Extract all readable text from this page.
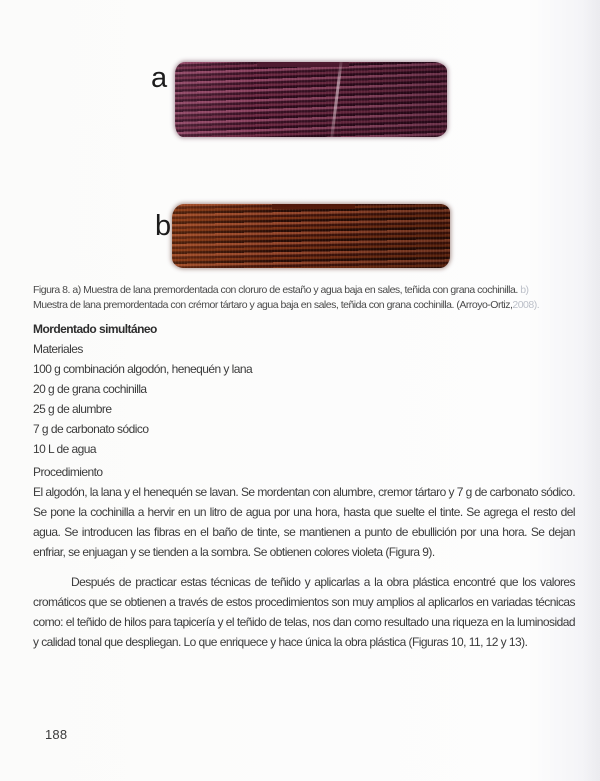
a
b
Figura 8. a) Muestra de lana premordentada con cloruro de estaño y agua baja en sales, teñida con grana cochinilla. b)
Muestra de lana premordentada con crémor tártaro y agua baja en sales, teñida con grana cochinilla. (Arroyo-Ortiz,2008).
Mordentado simultáneo
Materiales
100 g combinación algodón, henequén y lana
20 g de grana cochinilla
25 g de alumbre
7 g de carbonato sódico
10 L de agua
Procedimiento

El algodón, la lana y el henequén se lavan. Se mordentan con alumbre, cremor tártaro y 7 g de carbonato sódico. Se pone la cochinilla a hervir en un litro de agua por una hora, hasta que suelte el tinte. Se agrega el resto del agua. Se introducen las fibras en el baño de tinte, se mantienen a punto de ebullición por una hora. Se dejan enfriar, se enjuagan y se tienden a la sombra. Se obtienen colores violeta (Figura 9).

Después de practicar estas técnicas de teñido y aplicarlas a la obra plástica encontré que los valores cromáticos que se obtienen a través de estos procedimientos son muy amplios al aplicarlos en variadas técnicas como: el teñido de hilos para tapicería y el teñido de telas, nos dan como resultado una riqueza en la luminosidad y calidad tonal que despliegan. Lo que enriquece y hace única la obra plástica (Figuras 10, 11, 12 y 13).

188
